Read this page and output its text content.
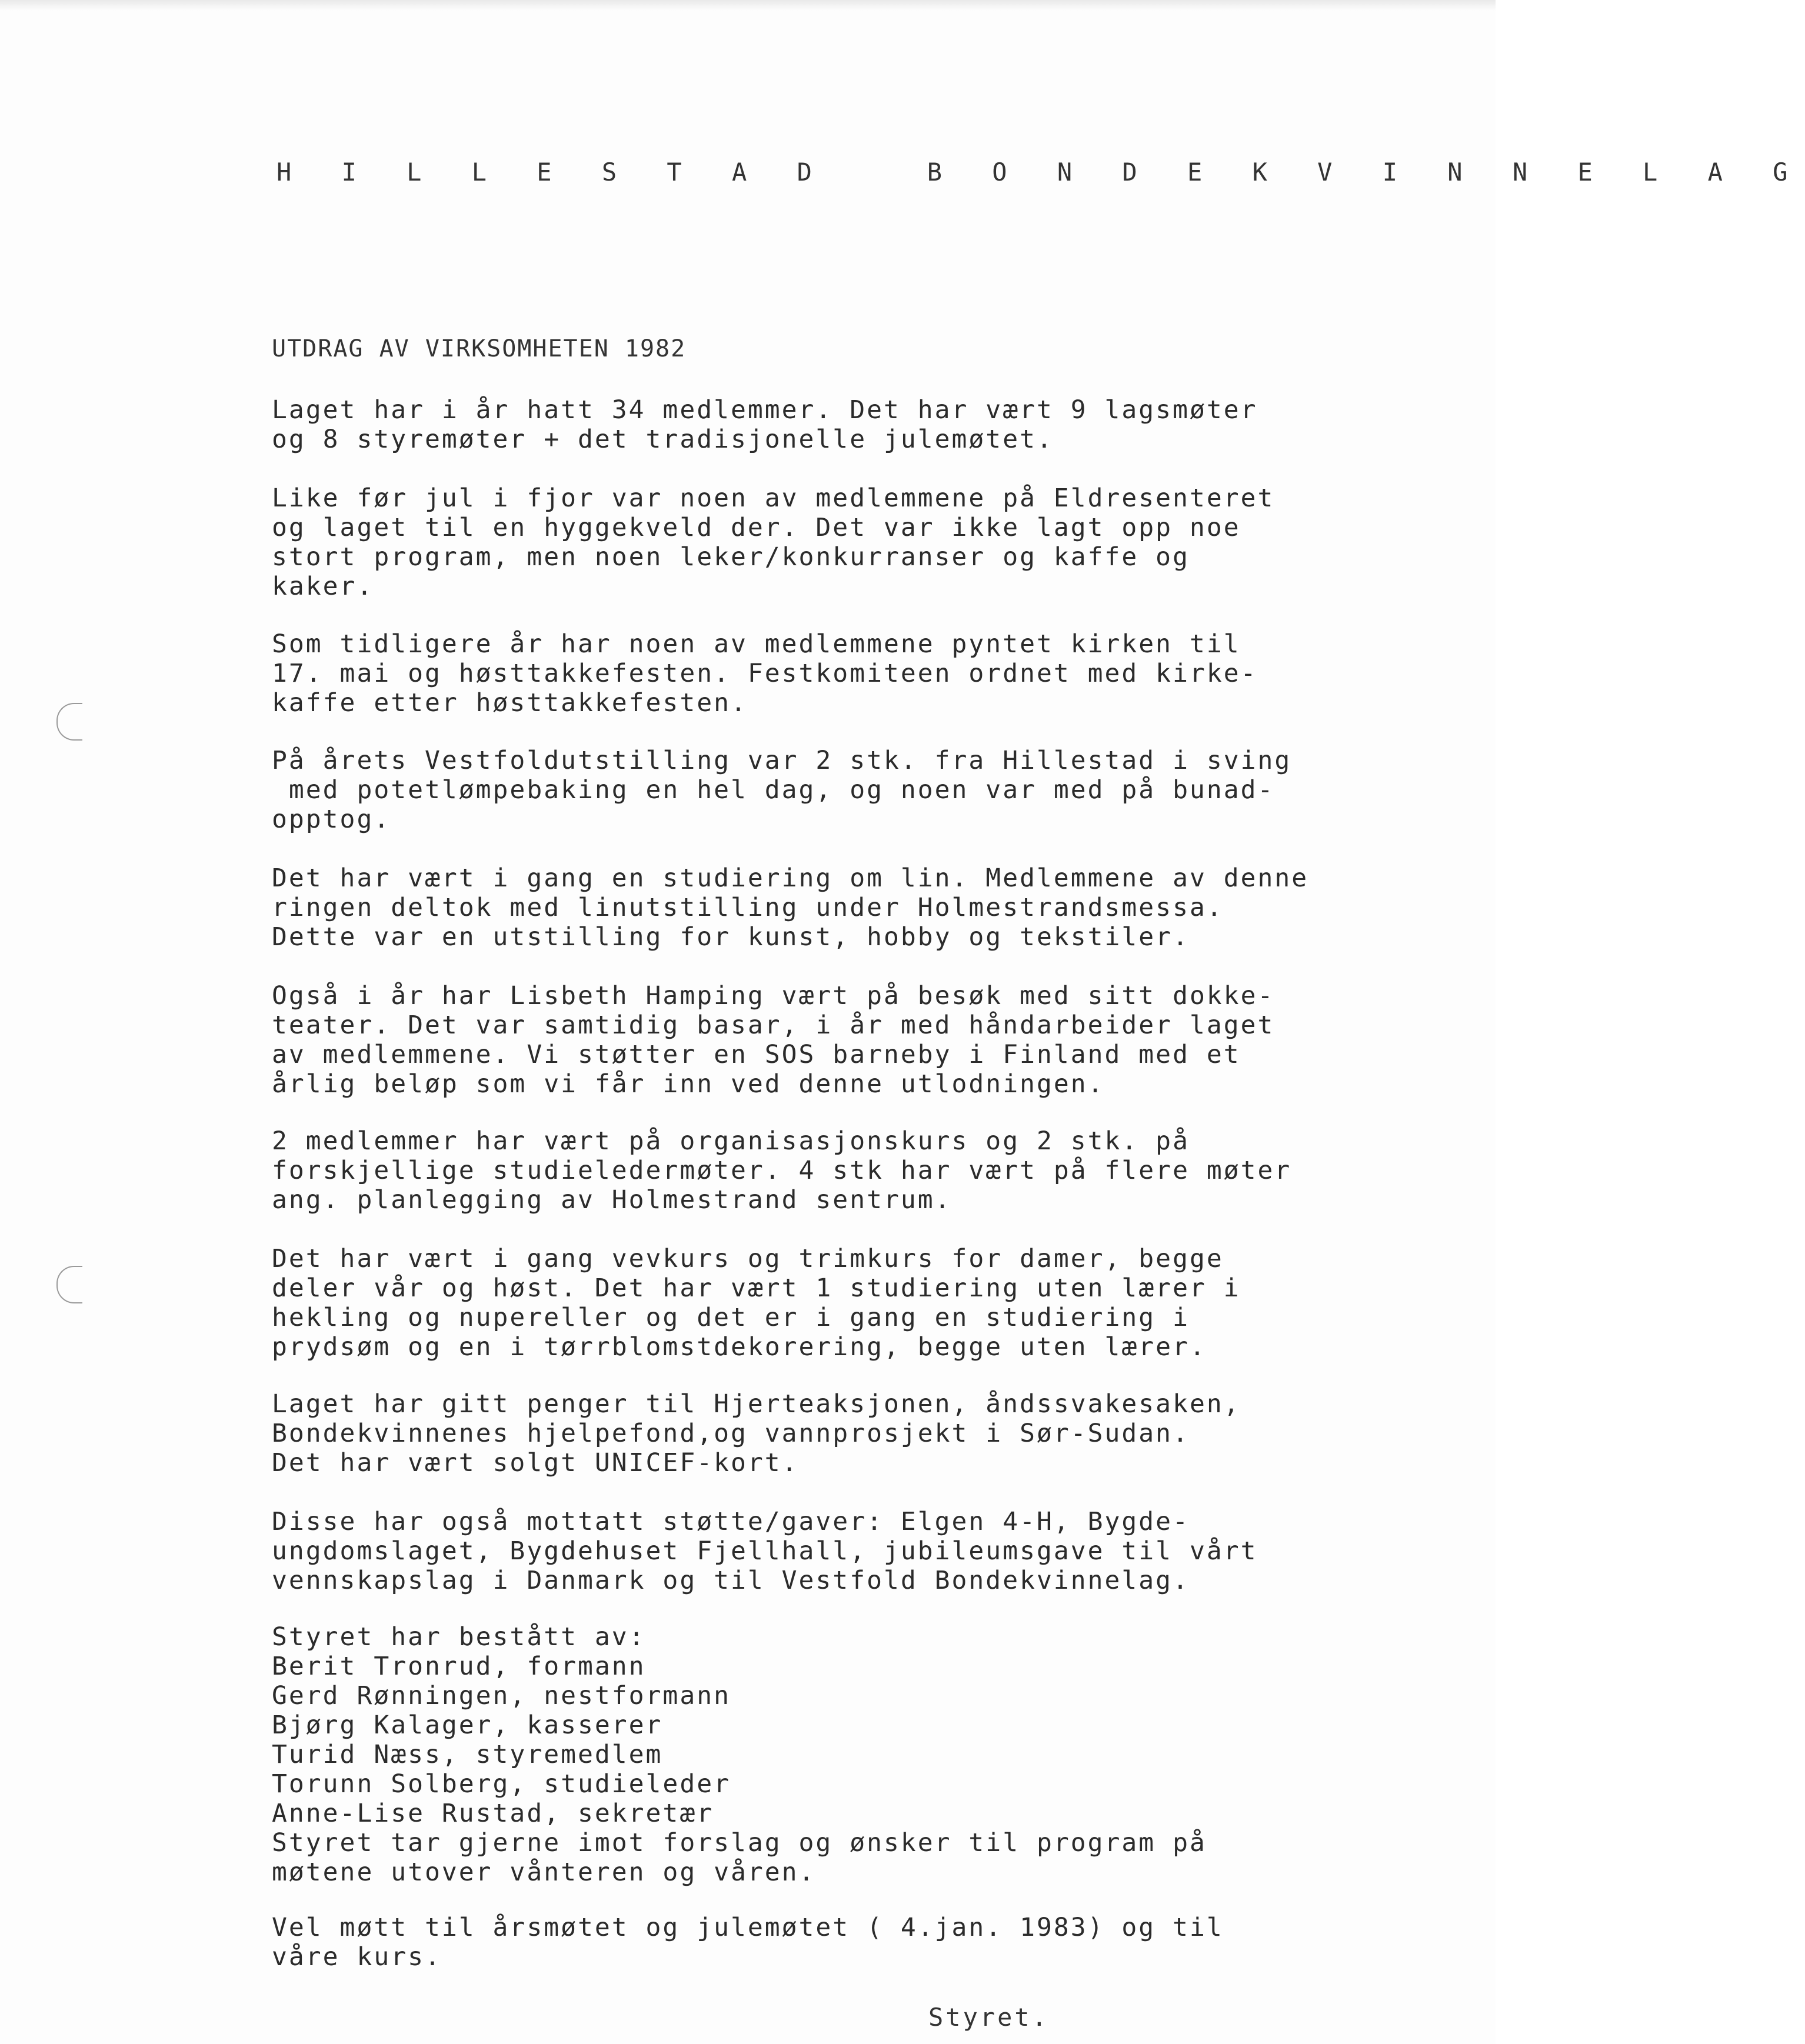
H I L L E S T A D   B O N D E K V I N N E L A G
UTDRAG AV VIRKSOMHETEN 1982

Laget har i år hatt 34 medlemmer. Det har vært 9 lagsmøter
og 8 styremøter + det tradisjonelle julemøtet.

Like før jul i fjor var noen av medlemmene på Eldresenteret
og laget til en hyggekveld der. Det var ikke lagt opp noe
stort program, men noen leker/konkurranser og kaffe og
kaker.

Som tidligere år har noen av medlemmene pyntet kirken til
17. mai og høsttakkefesten. Festkomiteen ordnet med kirke-
kaffe etter høsttakkefesten.

På årets Vestfoldutstilling var 2 stk. fra Hillestad i sving
med potetlømpebaking en hel dag, og noen var med på bunad-
opptog.

Det har vært i gang en studiering om lin. Medlemmene av denne
ringen deltok med linutstilling under Holmestrandsmessa.
Dette var en utstilling for kunst, hobby og tekstiler.

Også i år har Lisbeth Hamping vært på besøk med sitt dokke-
teater. Det var samtidig basar, i år med håndarbeider laget
av medlemmene. Vi støtter en SOS barneby i Finland med et
årlig beløp som vi får inn ved denne utlodningen.

2 medlemmer har vært på organisasjonskurs og 2 stk. på
forskjellige studieledermøter. 4 stk har vært på flere møter
ang. planlegging av Holmestrand sentrum.

Det har vært i gang vevkurs og trimkurs for damer, begge
deler vår og høst. Det har vært 1 studiering uten lærer i
hekling og nupereller og det er i gang en studiering i
prydsøm og en i tørrblomstdekorering, begge uten lærer.

Laget har gitt penger til Hjerteaksjonen, åndssvakesaken,
Bondekvinnenes hjelpefond,og vannprosjekt i Sør-Sudan.
Det har vært solgt UNICEF-kort.

Disse har også mottatt støtte/gaver: Elgen 4-H, Bygde-
ungdomslaget, Bygdehuset Fjellhall, jubileumsgave til vårt
vennskapslag i Danmark og til Vestfold Bondekvinnelag.

Styret har bestått av:
Berit Tronrud, formann
Gerd Rønningen, nestformann
Bjørg Kalager, kasserer
Turid Næss, styremedlem
Torunn Solberg, studieleder
Anne-Lise Rustad, sekretær
Styret tar gjerne imot forslag og ønsker til program på
møtene utover vånteren og våren.

Vel møtt til årsmøtet og julemøtet ( 4.jan. 1983) og til
våre kurs.

Styret.
